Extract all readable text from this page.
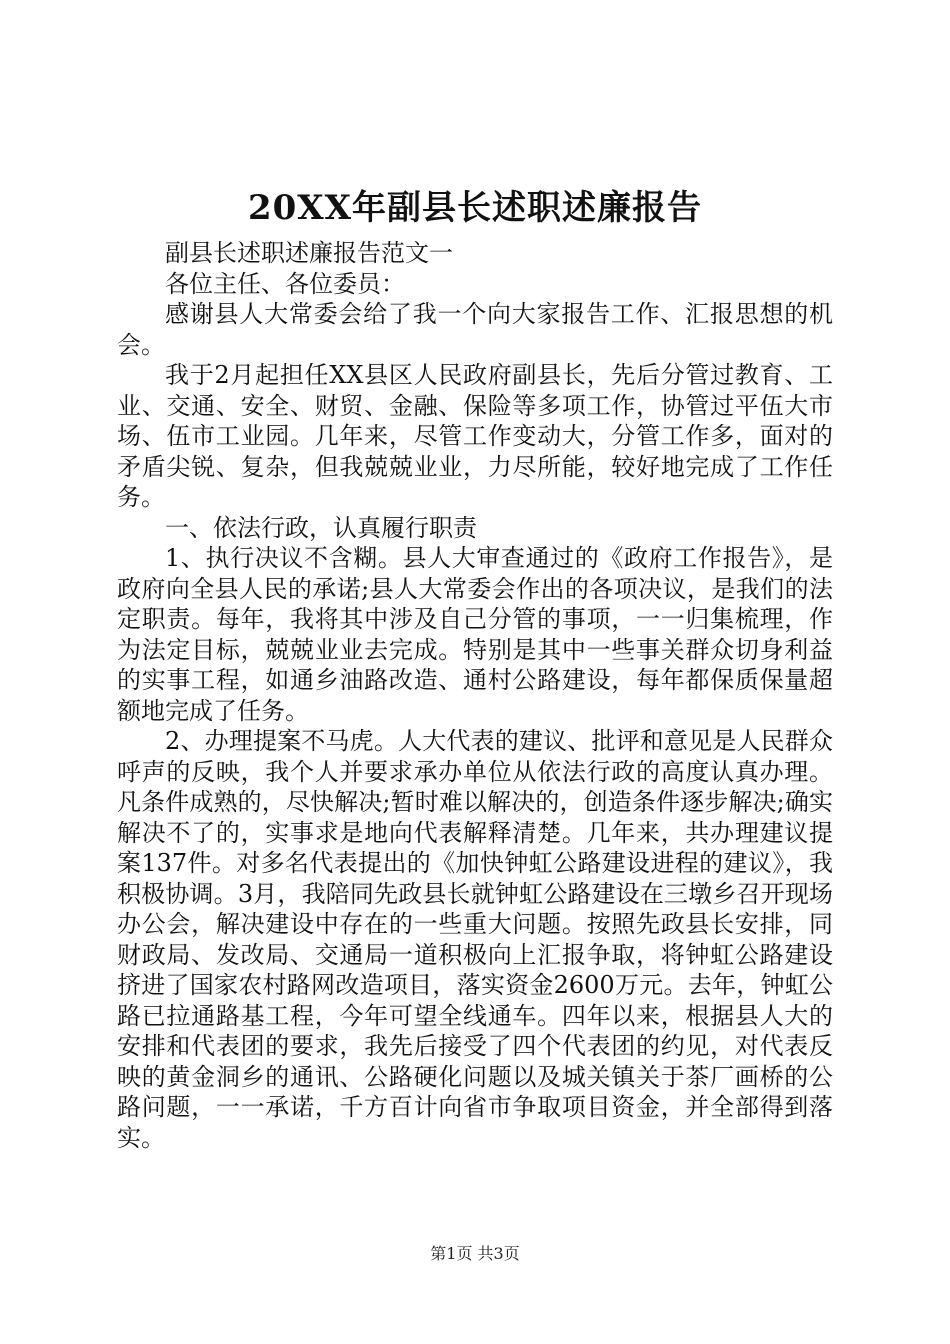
20XX年副县长述职述廉报告

副县长述职述廉报告范文一

各位主任、各位委员：

感谢县人大常委会给了我一个向大家报告工作、汇报思想的机会。

我于2月起担任XX县区人民政府副县长，先后分管过教育、工业、交通、安全、财贸、金融、保险等多项工作，协管过平伍大市场、伍市工业园。几年来，尽管工作变动大，分管工作多，面对的矛盾尖锐、复杂，但我兢兢业业，力尽所能，较好地完成了工作任务。

一、依法行政，认真履行职责

1、执行决议不含糊。县人大审查通过的《政府工作报告》，是政府向全县人民的承诺;县人大常委会作出的各项决议，是我们的法定职责。每年，我将其中涉及自己分管的事项，一一归集梳理，作为法定目标，兢兢业业去完成。特别是其中一些事关群众切身利益的实事工程，如通乡油路改造、通村公路建设，每年都保质保量超额地完成了任务。

2、办理提案不马虎。人大代表的建议、批评和意见是人民群众呼声的反映，我个人并要求承办单位从依法行政的高度认真办理。凡条件成熟的，尽快解决;暂时难以解决的，创造条件逐步解决;确实解决不了的，实事求是地向代表解释清楚。几年来，共办理建议提案137件。对多名代表提出的《加快钟虹公路建设进程的建议》，我积极协调。3月，我陪同先政县长就钟虹公路建设在三墩乡召开现场办公会，解决建设中存在的一些重大问题。按照先政县长安排，同财政局、发改局、交通局一道积极向上汇报争取，将钟虹公路建设挤进了国家农村路网改造项目，落实资金2600万元。去年，钟虹公路已拉通路基工程，今年可望全线通车。四年以来，根据县人大的安排和代表团的要求，我先后接受了四个代表团的约见，对代表反映的黄金洞乡的通讯、公路硬化问题以及城关镇关于茶厂画桥的公路问题，一一承诺，千方百计向省市争取项目资金，并全部得到落实。

第1页 共3页
